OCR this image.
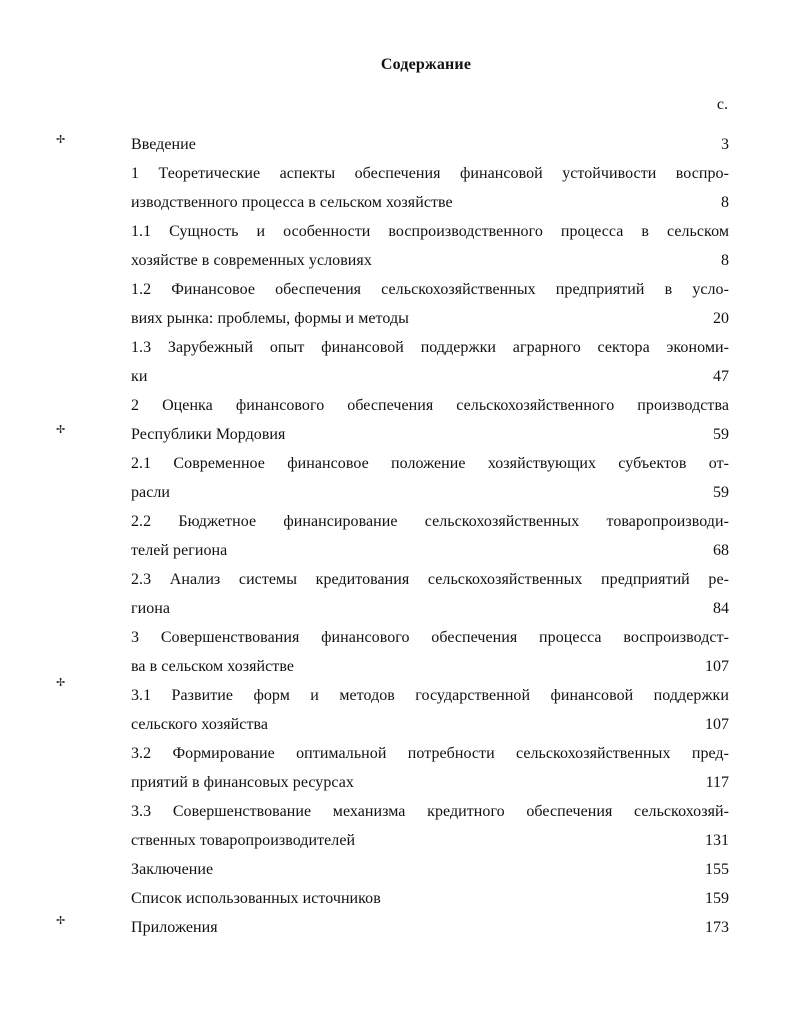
Содержание
с.
✢
✢
✢
✢
Введение	3
1 Теоретические аспекты обеспечения финансовой устойчивости воспро-
изводственного процесса в сельском хозяйстве	8
1.1 Сущность и особенности воспроизводственного процесса в сельском
хозяйстве в современных условиях	8
1.2 Финансовое обеспечения сельскохозяйственных предприятий в усло-
виях рынка: проблемы, формы и методы	20
1.3 Зарубежный опыт финансовой поддержки аграрного сектора экономи-
ки	47
2 Оценка финансового обеспечения сельскохозяйственного производства
Республики Мордовия	59
2.1 Современное финансовое положение хозяйствующих субъектов от-
расли	59
2.2 Бюджетное финансирование сельскохозяйственных товаропроизводи-
телей региона	68
2.3 Анализ системы кредитования сельскохозяйственных предприятий ре-
гиона	84
3 Совершенствования финансового обеспечения процесса воспроизводст-
ва в сельском хозяйстве	107
3.1 Развитие форм и методов государственной финансовой поддержки
сельского хозяйства	107
3.2 Формирование оптимальной потребности сельскохозяйственных пред-
приятий в финансовых ресурсах	117
3.3 Совершенствование механизма кредитного обеспечения сельскохозяй-
ственных товаропроизводителей	131
Заключение	155
Список использованных источников	159
Приложения	173
